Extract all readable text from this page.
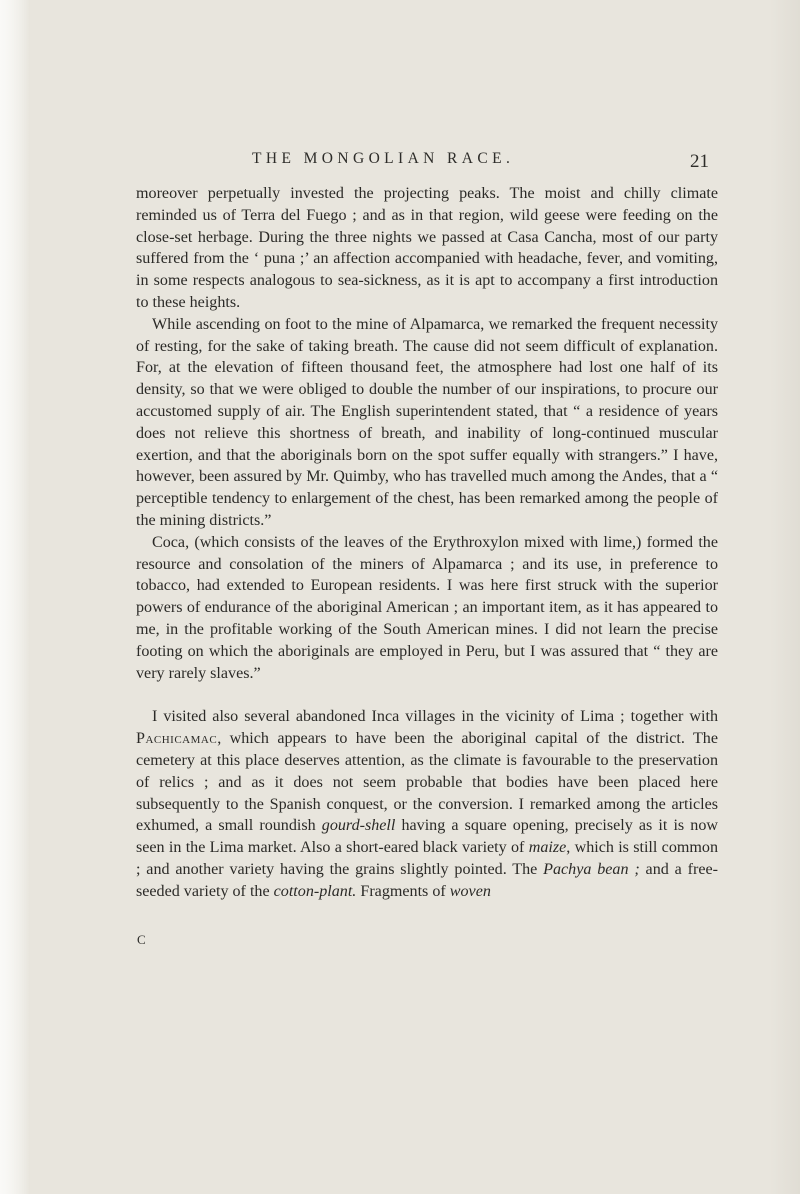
THE MONGOLIAN RACE.	21

moreover perpetually invested the projecting peaks. The moist and chilly climate reminded us of Terra del Fuego ; and as in that region, wild geese were feeding on the close-set herbage. During the three nights we passed at Casa Cancha, most of our party suffered from the ‘ puna ;’ an affection accompanied with headache, fever, and vomiting, in some respects analogous to sea-sickness, as it is apt to accompany a first introduction to these heights.

While ascending on foot to the mine of Alpamarca, we remarked the frequent necessity of resting, for the sake of taking breath. The cause did not seem difficult of explanation. For, at the elevation of fifteen thousand feet, the atmosphere had lost one half of its density, so that we were obliged to double the number of our inspirations, to procure our accustomed supply of air. The English superintendent stated, that “ a residence of years does not relieve this shortness of breath, and inability of long-continued muscular exertion, and that the aboriginals born on the spot suffer equally with strangers.” I have, however, been assured by Mr. Quimby, who has travelled much among the Andes, that a “ perceptible tendency to enlargement of the chest, has been remarked among the people of the mining districts.”

Coca, (which consists of the leaves of the Erythroxylon mixed with lime,) formed the resource and consolation of the miners of Alpamarca ; and its use, in preference to tobacco, had extended to European residents. I was here first struck with the superior powers of endurance of the aboriginal American ; an important item, as it has appeared to me, in the profitable working of the South American mines. I did not learn the precise footing on which the aboriginals are employed in Peru, but I was assured that “ they are very rarely slaves.”

I visited also several abandoned Inca villages in the vicinity of Lima ; together with Pachicamac, which appears to have been the aboriginal capital of the district. The cemetery at this place deserves attention, as the climate is favourable to the preservation of relics ; and as it does not seem probable that bodies have been placed here subsequently to the Spanish conquest, or the conversion. I remarked among the articles exhumed, a small roundish gourd-shell having a square opening, precisely as it is now seen in the Lima market. Also a short-eared black variety of maize, which is still common ; and another variety having the grains slightly pointed. The Pachya bean ; and a free-seeded variety of the cotton-plant. Fragments of woven

C
